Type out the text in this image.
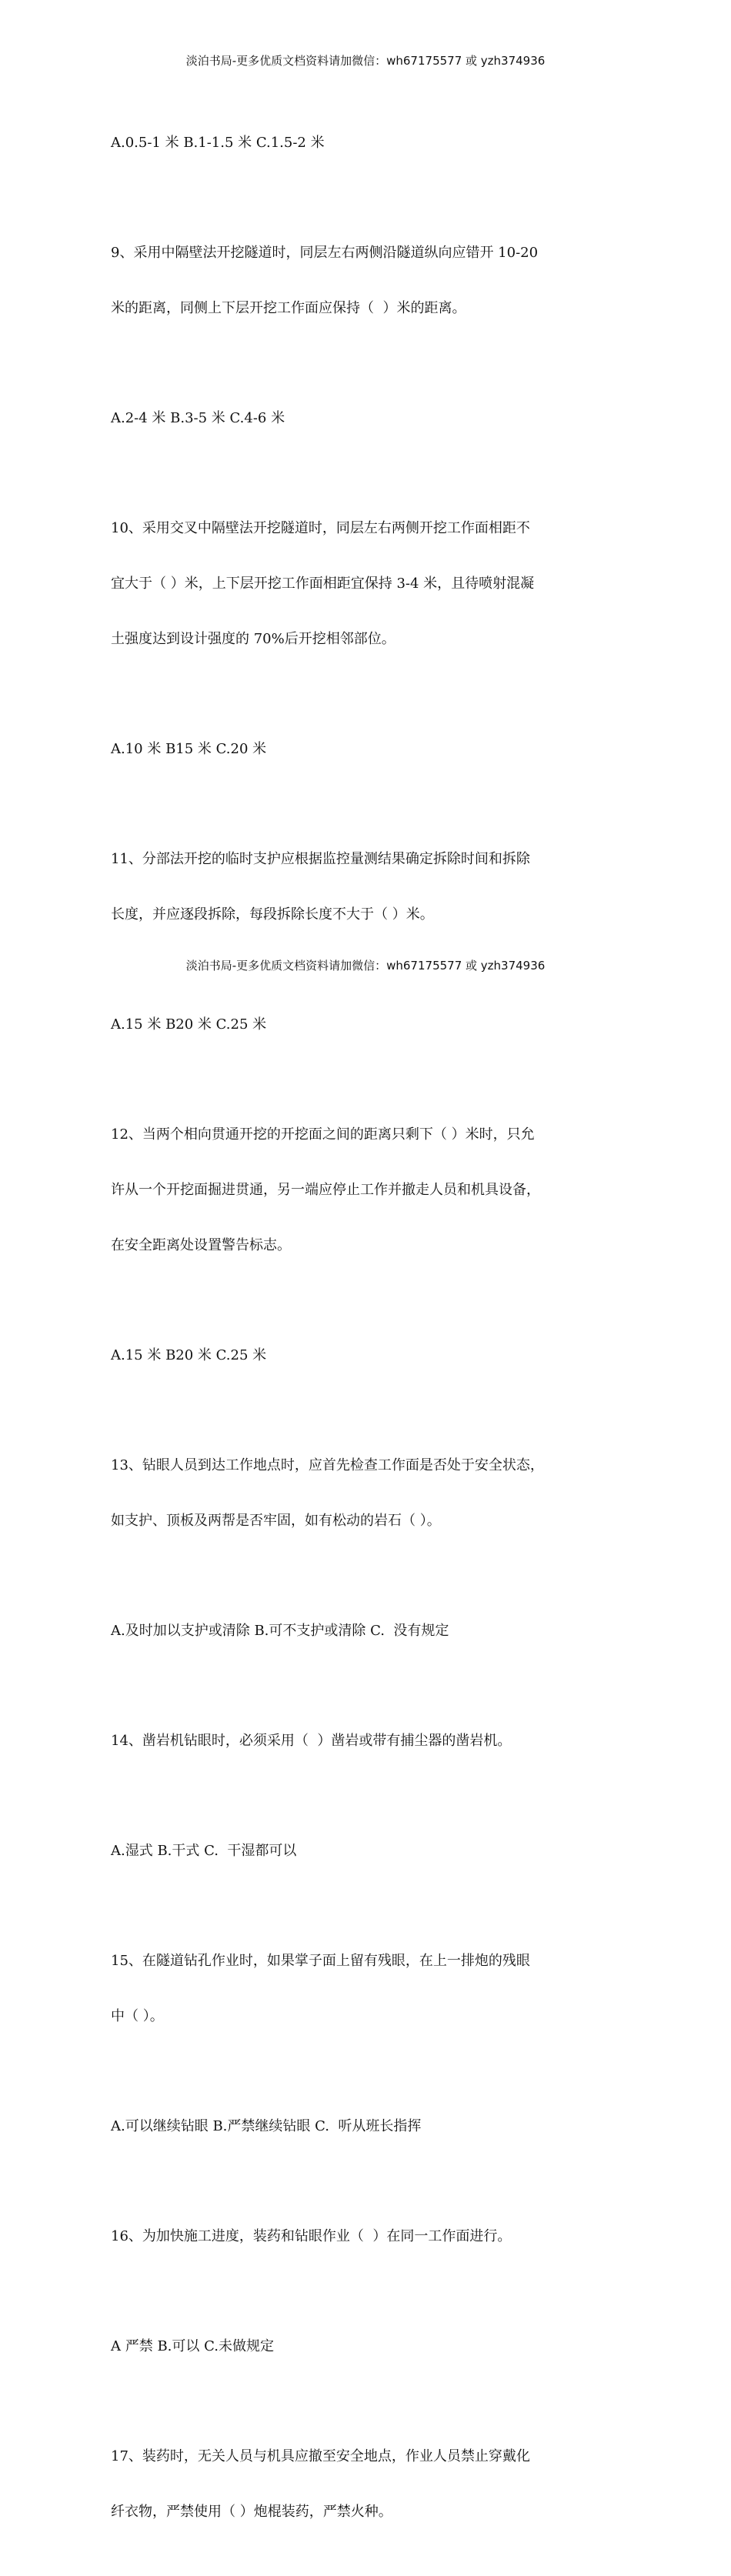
淡泊书局-更多优质文档资料请加微信：wh67175577 或 yzh374936

A.0.5-1 米 B.1-1.5 米 C.1.5-2 米

9、采用中隔壁法开挖隧道时，同层左右两侧沿隧道纵向应错开 10-20

米的距离，同侧上下层开挖工作面应保持（  ）米的距离。

A.2-4 米 B.3-5 米 C.4-6 米

10、采用交叉中隔壁法开挖隧道时，同层左右两侧开挖工作面相距不

宜大于（ ）米，上下层开挖工作面相距宜保持 3-4 米，且待喷射混凝

土强度达到设计强度的 70%后开挖相邻部位。

A.10 米 B15 米 C.20 米

11、分部法开挖的临时支护应根据监控量测结果确定拆除时间和拆除

长度，并应逐段拆除，每段拆除长度不大于（ ）米。

A.15 米 B20 米 C.25 米

12、当两个相向贯通开挖的开挖面之间的距离只剩下（ ）米时，只允

许从一个开挖面掘进贯通，另一端应停止工作并撤走人员和机具设备，

在安全距离处设置警告标志。

A.15 米 B20 米 C.25 米

13、钻眼人员到达工作地点时，应首先检查工作面是否处于安全状态，

如支护、顶板及两帮是否牢固，如有松动的岩石（ ）。

A.及时加以支护或清除 B.可不支护或清除 C.  没有规定

14、凿岩机钻眼时，必须采用（  ）凿岩或带有捕尘器的凿岩机。

A.湿式 B.干式 C.  干湿都可以

15、在隧道钻孔作业时，如果掌子面上留有残眼，在上一排炮的残眼

中（ ）。

A.可以继续钻眼 B.严禁继续钻眼 C.  听从班长指挥

16、为加快施工进度，装药和钻眼作业（  ）在同一工作面进行。

A 严禁 B.可以 C.未做规定

17、装药时，无关人员与机具应撤至安全地点，作业人员禁止穿戴化

纤衣物，严禁使用（ ）炮棍装药，严禁火种。

淡泊书局-更多优质文档资料请加微信：wh67175577 或 yzh374936
